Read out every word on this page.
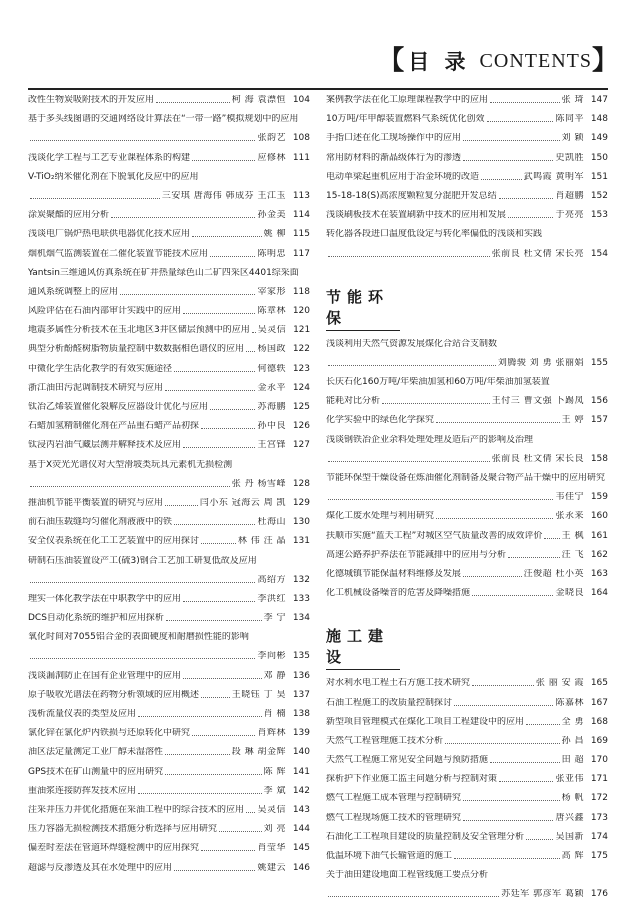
【 目 录 CONTENTS 】
改性生物炭吸附技术的开发应用	柯 海 袁漂恒 104
基于多头线图谱的交通网络设计算法在“一带一路”模拟规划中的应用
张韵艺 108
浅谈化学工程与工艺专业课程体系的构建	应修林 111
V-TiO₂纳米催化剂在下脱氧化反应中的应用
三安琪 唐海伟 韩成芬 王江玉 113
涂炭聚酯的应用分析	孙金美 114
浅谈电厂锅炉热电联供电器优化技术应用	姚 柳 115
烟机烟气监测装置在二催化装置节能技术应用	陈明忠 117
Yantsin三维通风仿真系统在矿井热量绿色山二矿四采区4401综采面
通风系统调整上的应用	宰家形 118
风险评估在石油内部审计实践中的应用	陈章林 120
地震多属性分析技术在玉北地区3井区储层预测中的应用 吴灵信 121
典型分析酚醛树脂物质量控制中数数据相色谱仪的应用 杨国政 122
中微化学生活化教学的有效实施途径	何德轶 123
浙江油田污泥调制技术研究与应用	金永平 124
钛冶乙烯装置催化裂解反应器设计优化与应用	苏海鹏 125
石蜡加氢精制催化剂在产品重石蜡产品初探	孙中良 126
钛浸丙岩油气藏层测井解释技术及应用	王宫锋 127
基于X荧光光谱仪对大型滑坡类玩具元素机无损检测
张 丹 杨雪峰 128
推油机节能平衡装置的研究与应用	闫小东 冠海云 周 凯 129
前石油压载缝均匀催化剂液液中的铁	杜海山 130
安全仪表系统在化工工艺装置中的应用探讨	林 伟 汪 晶 131
研制石压油装置设产工(硫3)钢合工艺加工研复低故及应用
高绍方 132
理实一体化教学法在中职教学中的应用	李洪红 133
DCS自动化系统的维护和应用探析	李 宁 134
氧化时间对7055铝合金的表面硬度和耐磨损性能的影响
李向彬 135
浅谈漏洞防止在国有企业管理中的应用	邓 静 136
原子吸收光谱法在药物分析领域的应用概述	王晓钰 丁 昊 137
浅析流量仪表的类型及应用	肖 楠 138
氯化锌在氯化炉内铁损与还原转化中研究	肖辉林 139
油区法定量测定工业厂醇未湿溶性	段 琳 胡金辉 140
GPS技术在矿山测量中的应用研究	陈 辉 141
重油浆连接防挥发技术应用	李 斌 142
注采井压力井优化措施在采油工程中的综合技术的应用 吴灵信 143
压力容器无损检测技术措施分析选择与应用研究	刘 亮 144
偏差时差法在管道环焊缝检测中的应用探究	肖莹华 145
超滤与反渗透及其在水处理中的应用	姚建云 146
案例教学法在化工原理课程教学中的应用	张 琦 147
10万吨/年甲醇装置燃料气系统优化创效	陈同平 148
手指口述在化工现场操作中的应用	刘 颖 149
常用防材料的渐晶级体行为的渗透	史凯胜 150
电动单梁起重机应用于冶金环境的改造	武鸣霞 黄明军 151
15-18-18(S)高浓度颗粒复分混肥开发总结	肖超鹏 152
浅谈刷板技术在装置刷新中技术的应用和发展	于亮亮 153
转化器各段进口温度低设定与转化率偏低的浅谈和实践
张前良 杜文倩 宋长亮 154
节能环保
浅谈利用天然气资源发展煤化合站合支制数
刘腾骏 刘 勇 张丽娟 155
长庆石化160万吨/年柴油加氢和60万吨/年柴油加氢装置
能耗对比分析	王付三 曹文强 卜踢凤 156
化学实验中的绿色化学探究	王 婷 157
浅谈钢铁冶企业余料处理处理及造后产的影响及治理
张前良 杜文倩 宋长良 158
节能环保型干燥设备在炼油催化剂制备及聚合物产品干燥中的应用研究
韦佳宁 159
煤化工废水处理与利用研究	张永来 160
扶顺市实施“蓝天工程”对城区空气质量改善的成效评价 王 枫 161
高速公路养护养法在节能减排中的应用与分析	汪 飞 162
化德城镇节能保温材料维修及发展	汪俊超 杜小英 163
化工机械设备噪音的危害及降噪措施	金晓良 164
施工建设
对水利水电工程土石方施工技术研究	张 丽 安 霞 165
石油工程施工的改质量控制探讨	陈嘉林 167
新型项目管理模式在煤化工项目工程建设中的应用	全 勇 168
天然气工程管理施工技术分析	孙 昌 169
天然气工程施工常见安全问题与预防措施	田 超 170
探析护下作业施工监主问题分析与控制对策	张亚伟 171
燃气工程施工成本管理与控制研究	杨 帆 172
燃气工程现场施工技术的管理研究	唐兴鑫 173
石油化工工程项目建设的质量控制及安全管理分析	吴国新 174
低温环境下油气长输管道的施工	高 辉 175
关于油田建设地面工程管线施工要点分析
苏廷军 郭彦军 葛颖 176
